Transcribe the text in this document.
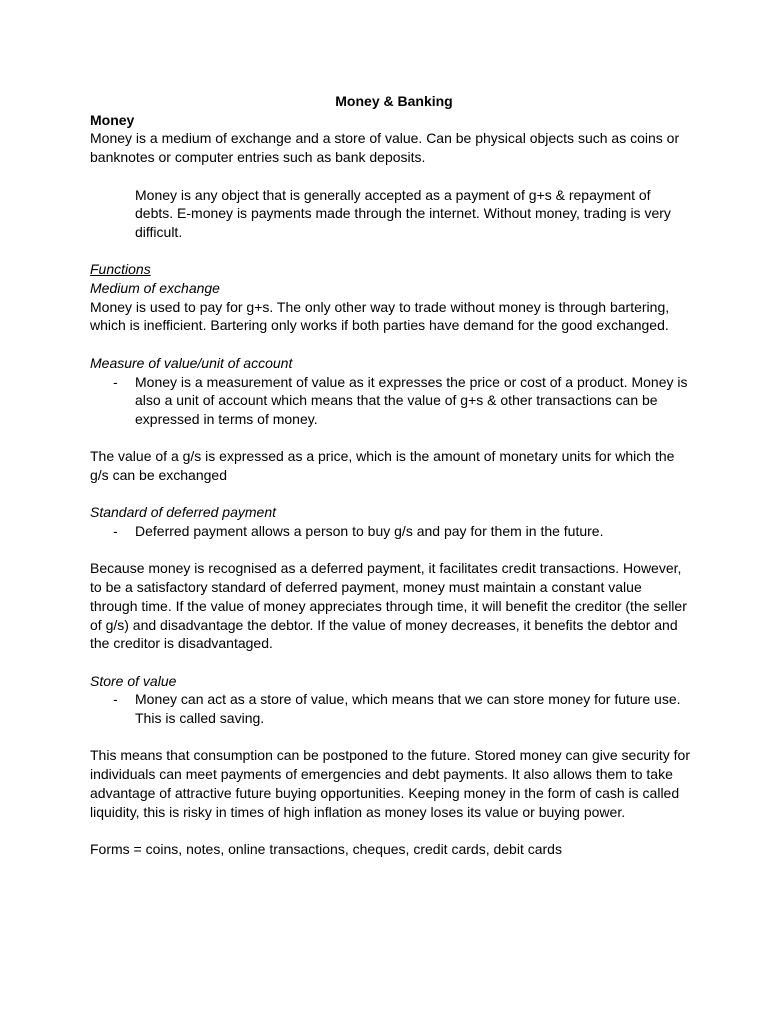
Money & Banking

Money

Money is a medium of exchange and a store of value. Can be physical objects such as coins or banknotes or computer entries such as bank deposits.

Money is any object that is generally accepted as a payment of g+s & repayment of debts. E-money is payments made through the internet. Without money, trading is very difficult.

Functions

Medium of exchange

Money is used to pay for g+s. The only other way to trade without money is through bartering, which is inefficient. Bartering only works if both parties have demand for the good exchanged.

Measure of value/unit of account

-	Money is a measurement of value as it expresses the price or cost of a product. Money is also a unit of account which means that the value of g+s & other transactions can be expressed in terms of money.

The value of a g/s is expressed as a price, which is the amount of monetary units for which the g/s can be exchanged

Standard of deferred payment

-	Deferred payment allows a person to buy g/s and pay for them in the future.

Because money is recognised as a deferred payment, it facilitates credit transactions. However, to be a satisfactory standard of deferred payment, money must maintain a constant value through time. If the value of money appreciates through time, it will benefit the creditor (the seller of g/s) and disadvantage the debtor. If the value of money decreases, it benefits the debtor and the creditor is disadvantaged.

Store of value

-	Money can act as a store of value, which means that we can store money for future use. This is called saving.

This means that consumption can be postponed to the future. Stored money can give security for individuals can meet payments of emergencies and debt payments. It also allows them to take advantage of attractive future buying opportunities. Keeping money in the form of cash is called liquidity, this is risky in times of high inflation as money loses its value or buying power.

Forms = coins, notes, online transactions, cheques, credit cards, debit cards
